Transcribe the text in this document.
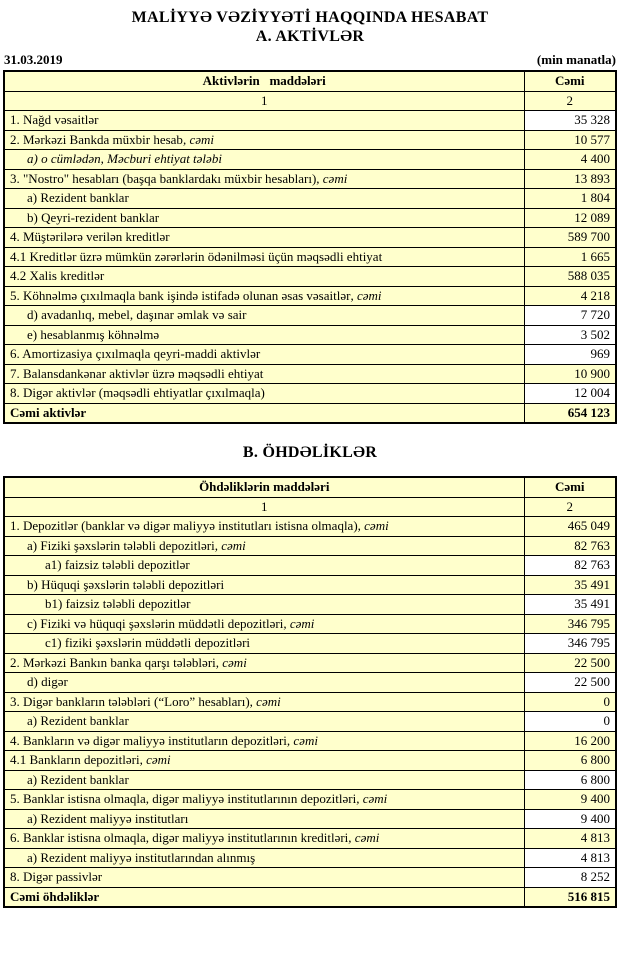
MALİYYƏ VƏZİYYƏTİ HAQQINDA HESABAT
A. AKTİVLƏR
31.03.2019	(min manatla)
Aktivlərin   maddələri	Cəmi
1	2
1. Nağd vəsaitlər	35 328
2. Mərkəzi Bankda müxbir hesab, cəmi	10 577
a) o cümlədən, Məcburi ehtiyat tələbi	4 400
3. "Nostro" hesabları (başqa banklardakı müxbir hesabları), cəmi	13 893
a) Rezident banklar	1 804
b) Qeyri-rezident banklar	12 089
4. Müştərilərə verilən kreditlər	589 700
4.1 Kreditlər üzrə mümkün zərərlərin ödənilməsi üçün məqsədli ehtiyat	1 665
4.2 Xalis kreditlər	588 035
5. Köhnəlmə çıxılmaqla bank işində istifadə olunan əsas vəsaitlər, cəmi	4 218
d) avadanlıq, mebel, daşınar əmlak və sair	7 720
e) hesablanmış köhnəlmə	3 502
6. Amortizasiya çıxılmaqla qeyri-maddi aktivlər	969
7. Balansdankənar aktivlər üzrə məqsədli ehtiyat	10 900
8. Digər aktivlər (məqsədli ehtiyatlar çıxılmaqla)	12 004
Cəmi aktivlər	654 123
B. ÖHDƏLİKLƏR
Öhdəliklərin maddələri	Cəmi
1	2
1. Depozitlər (banklar və digər maliyyə institutları istisna olmaqla), cəmi	465 049
a) Fiziki şəxslərin tələbli depozitləri, cəmi	82 763
a1) faizsiz tələbli depozitlər	82 763
b) Hüquqi şəxslərin tələbli depozitləri	35 491
b1) faizsiz tələbli depozitlər	35 491
c) Fiziki və hüquqi şəxslərin müddətli depozitləri, cəmi	346 795
c1) fiziki şəxslərin müddətli depozitləri	346 795
2. Mərkəzi Bankın banka qarşı tələbləri, cəmi	22 500
d) digər	22 500
3. Digər bankların tələbləri (“Loro” hesabları), cəmi	0
a) Rezident banklar	0
4. Bankların və digər maliyyə institutların depozitləri, cəmi	16 200
4.1 Bankların depozitləri, cəmi	6 800
a) Rezident banklar	6 800
5. Banklar istisna olmaqla, digər maliyyə institutlarının depozitləri, cəmi	9 400
a) Rezident maliyyə institutları	9 400
6. Banklar istisna olmaqla, digər maliyyə institutlarının kreditləri, cəmi	4 813
a) Rezident maliyyə institutlarından alınmış	4 813
8. Digər passivlər	8 252
Cəmi öhdəliklər	516 815
